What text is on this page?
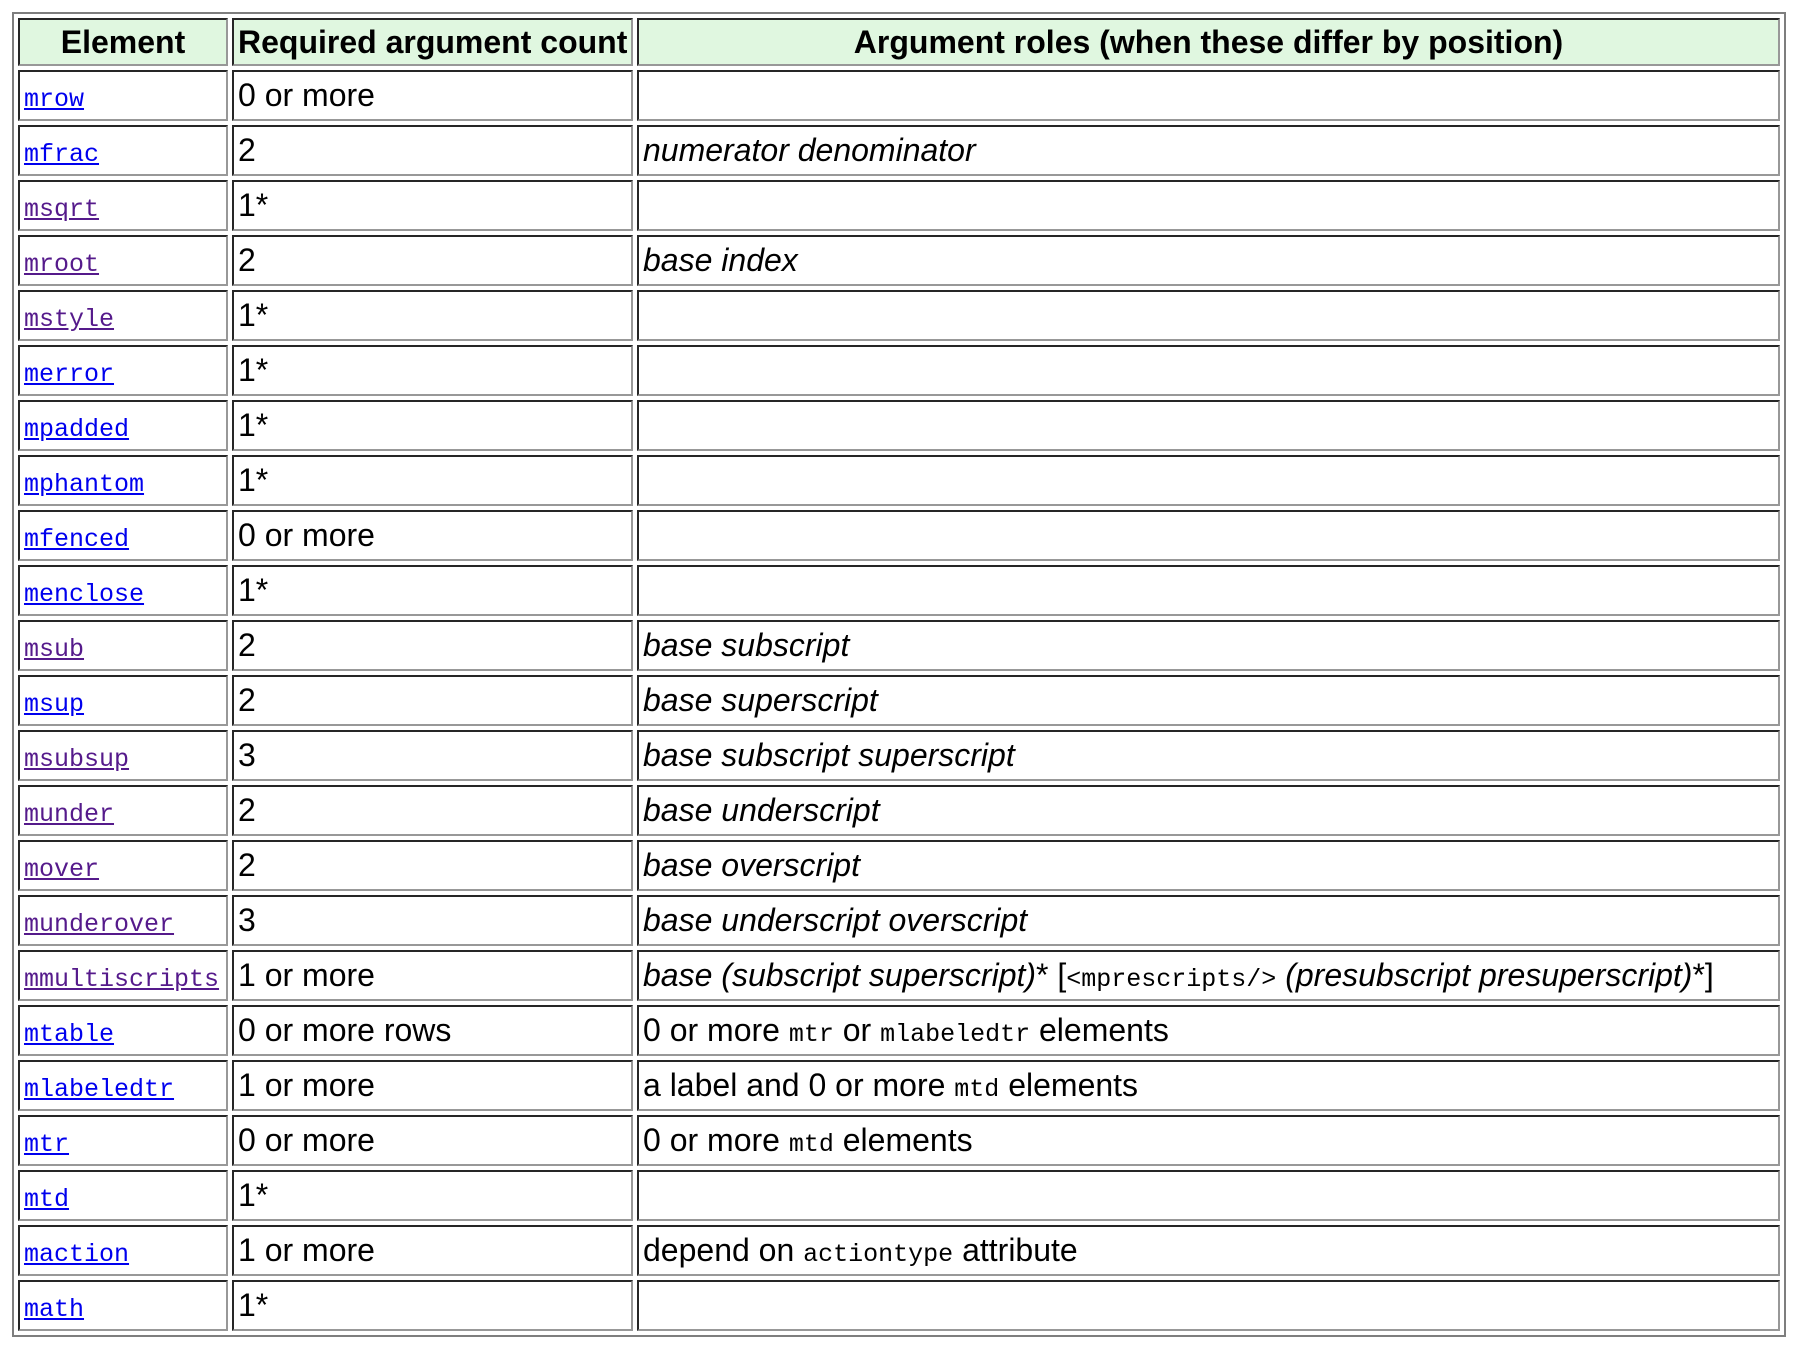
Element	Required argument count	Argument roles (when these differ by position)
mrow	0 or more	
mfrac	2	numerator denominator
msqrt	1*	
mroot	2	base index
mstyle	1*	
merror	1*	
mpadded	1*	
mphantom	1*	
mfenced	0 or more	
menclose	1*	
msub	2	base subscript
msup	2	base superscript
msubsup	3	base subscript superscript
munder	2	base underscript
mover	2	base overscript
munderover	3	base underscript overscript
mmultiscripts	1 or more	base (subscript superscript)* [<mprescripts/> (presubscript presuperscript)*]
mtable	0 or more rows	0 or more mtr or mlabeledtr elements
mlabeledtr	1 or more	a label and 0 or more mtd elements
mtr	0 or more	0 or more mtd elements
mtd	1*	
maction	1 or more	depend on actiontype attribute
math	1*	
